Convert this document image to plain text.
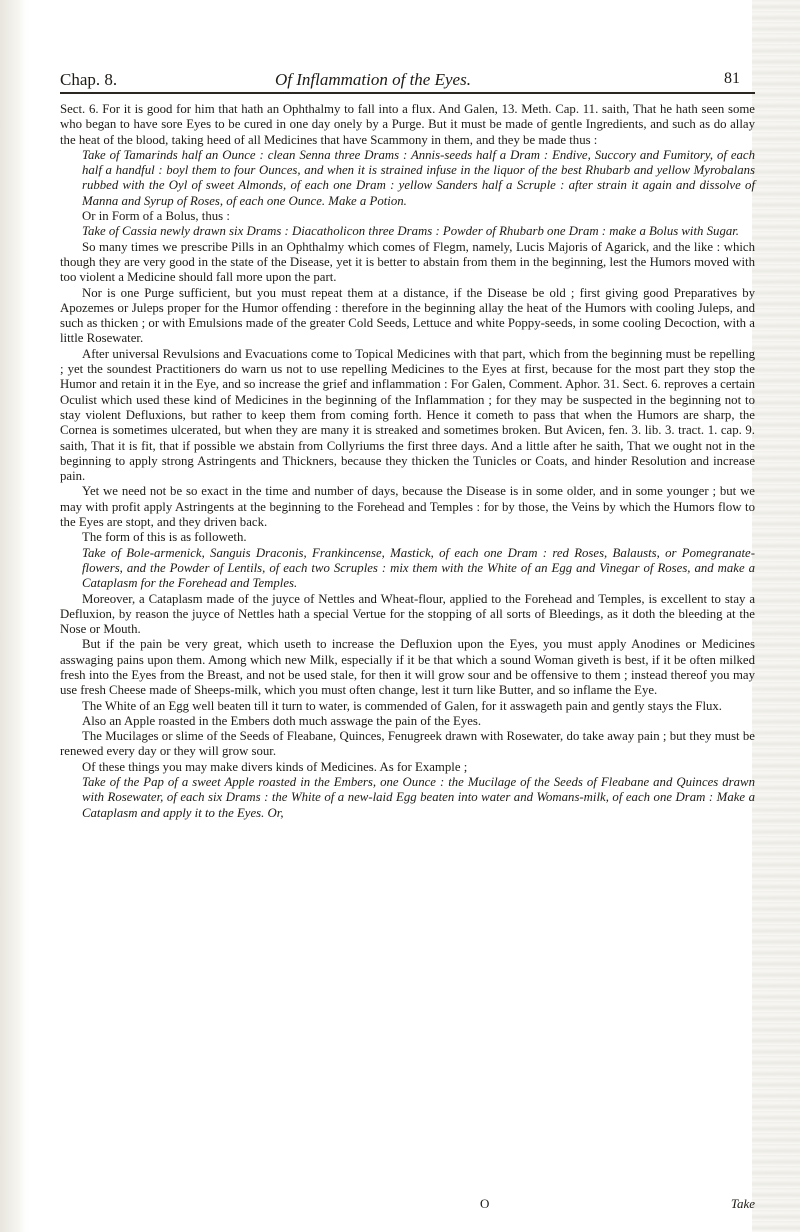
Chap. 8.	Of Inflammation of the Eyes.	81

Sect. 6. For it is good for him that hath an Ophthalmy to fall into a flux. And Galen, 13. Meth. Cap. 11. saith, That he hath seen some who began to have sore Eyes to be cured in one day onely by a Purge. But it must be made of gentle Ingredients, and such as do allay the heat of the blood, taking heed of all Medicines that have Scammony in them, and they be made thus :

Take of Tamarinds half an Ounce : clean Senna three Drams : Annis-seeds half a Dram : Endive, Succory and Fumitory, of each half a handful : boyl them to four Ounces, and when it is strained infuse in the liquor of the best Rhubarb and yellow Myrobalans rubbed with the Oyl of sweet Almonds, of each one Dram : yellow Sanders half a Scruple : after strain it again and dissolve of Manna and Syrup of Roses, of each one Ounce. Make a Potion.

Or in Form of a Bolus, thus :

Take of Cassia newly drawn six Drams : Diacatholicon three Drams : Powder of Rhubarb one Dram : make a Bolus with Sugar.

So many times we prescribe Pills in an Ophthalmy which comes of Flegm, namely, Lucis Majoris of Agarick, and the like : which though they are very good in the state of the Disease, yet it is better to abstain from them in the beginning, lest the Humors moved with too violent a Medicine should fall more upon the part.

Nor is one Purge sufficient, but you must repeat them at a distance, if the Disease be old ; first giving good Preparatives by Apozemes or Juleps proper for the Humor offending : therefore in the beginning allay the heat of the Humors with cooling Juleps, and such as thicken ; or with Emulsions made of the greater Cold Seeds, Lettuce and white Poppy-seeds, in some cooling Decoction, with a little Rosewater.

After universal Revulsions and Evacuations come to Topical Medicines with that part, which from the beginning must be repelling ; yet the soundest Practitioners do warn us not to use repelling Medicines to the Eyes at first, because for the most part they stop the Humor and retain it in the Eye, and so increase the grief and inflammation : For Galen, Comment. Aphor. 31. Sect. 6. reproves a certain Oculist which used these kind of Medicines in the beginning of the Inflammation ; for they may be suspected in the beginning not to stay violent Defluxions, but rather to keep them from coming forth. Hence it cometh to pass that when the Humors are sharp, the Cornea is sometimes ulcerated, but when they are many it is streaked and sometimes broken. But Avicen, fen. 3. lib. 3. tract. 1. cap. 9. saith, That it is fit, that if possible we abstain from Collyriums the first three days. And a little after he saith, That we ought not in the beginning to apply strong Astringents and Thickners, because they thicken the Tunicles or Coats, and hinder Resolution and increase pain.

Yet we need not be so exact in the time and number of days, because the Disease is in some older, and in some younger ; but we may with profit apply Astringents at the beginning to the Forehead and Temples : for by those, the Veins by which the Humors flow to the Eyes are stopt, and they driven back.

The form of this is as followeth.

Take of Bole-armenick, Sanguis Draconis, Frankincense, Mastick, of each one Dram : red Roses, Balausts, or Pomegranate-flowers, and the Powder of Lentils, of each two Scruples : mix them with the White of an Egg and Vinegar of Roses, and make a Cataplasm for the Forehead and Temples.

Moreover, a Cataplasm made of the juyce of Nettles and Wheat-flour, applied to the Forehead and Temples, is excellent to stay a Defluxion, by reason the juyce of Nettles hath a special Vertue for the stopping of all sorts of Bleedings, as it doth the bleeding at the Nose or Mouth.

But if the pain be very great, which useth to increase the Defluxion upon the Eyes, you must apply Anodines or Medicines asswaging pains upon them. Among which new Milk, especially if it be that which a sound Woman giveth is best, if it be often milked fresh into the Eyes from the Breast, and not be used stale, for then it will grow sour and be offensive to them ; instead thereof you may use fresh Cheese made of Sheeps-milk, which you must often change, lest it turn like Butter, and so inflame the Eye.

The White of an Egg well beaten till it turn to water, is commended of Galen, for it asswageth pain and gently stays the Flux.

Also an Apple roasted in the Embers doth much asswage the pain of the Eyes.

The Mucilages or slime of the Seeds of Fleabane, Quinces, Fenugreek drawn with Rosewater, do take away pain ; but they must be renewed every day or they will grow sour.

Of these things you may make divers kinds of Medicines. As for Example ;

Take of the Pap of a sweet Apple roasted in the Embers, one Ounce : the Mucilage of the Seeds of Fleabane and Quinces drawn with Rosewater, of each six Drams : the White of a new-laid Egg beaten into water and Womans-milk, of each one Dram : Make a Cataplasm and apply it to the Eyes. Or,

O	Take
